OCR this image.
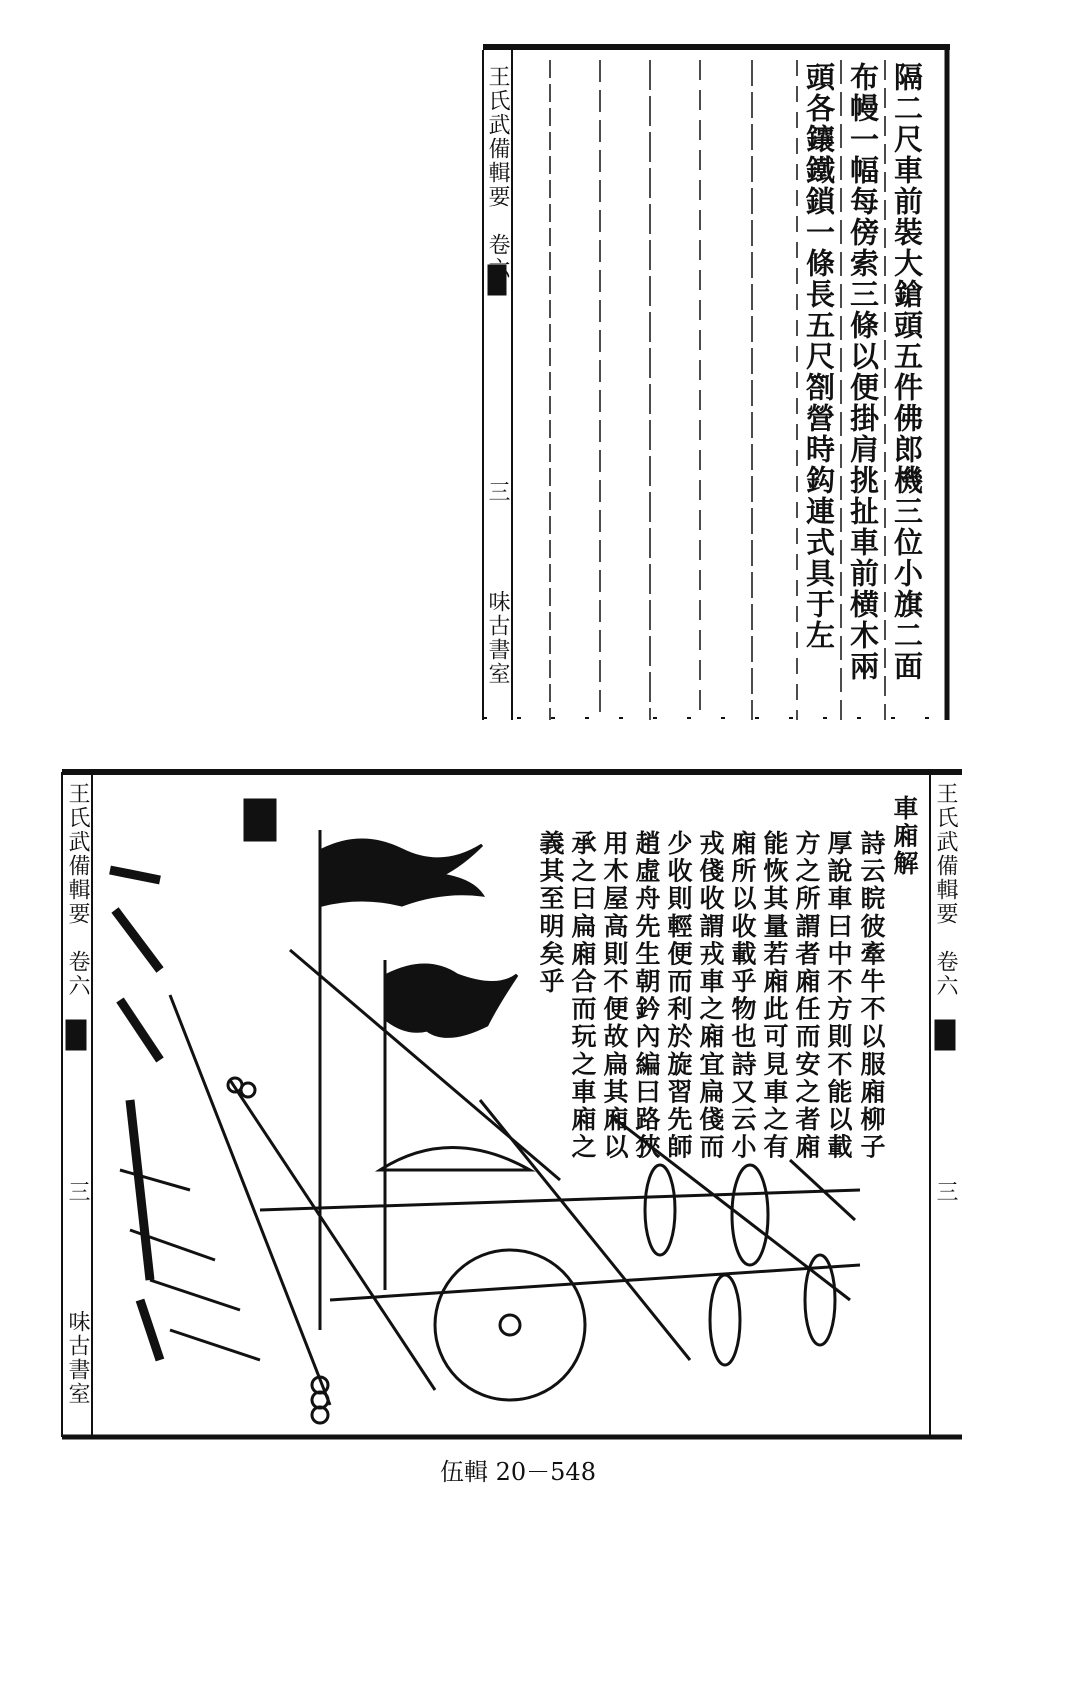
隔二尺車前裝大鎗頭五件佛郎機三位小旗二面
布幔一幅每傍索三條以便掛肩挑扯車前横木兩
頭各鑲鐵鎖一條長五尺劄營時鈎連式具于左
王氏武備輯要　卷六
三
味古書室
車廂解
詩云睆彼牽牛不以服廂柳子
厚說車曰中不方則不能以載
方之所謂者廂任而安之者廂
能恢其量若廂此可見車之有
廂所以收載乎物也詩又云小
戎俴收謂戎車之廂宜扁俴而
少收則輕便而利於旋習先師
趙虛舟先生朝鈐內編曰路狹
用木屋高則不便故扁其廂以
承之曰扁廂合而玩之車廂之
義其至明矣乎	王氏武備輯要　卷六
三
王氏武備輯要　卷六
三
味古書室
伍輯 20－548
